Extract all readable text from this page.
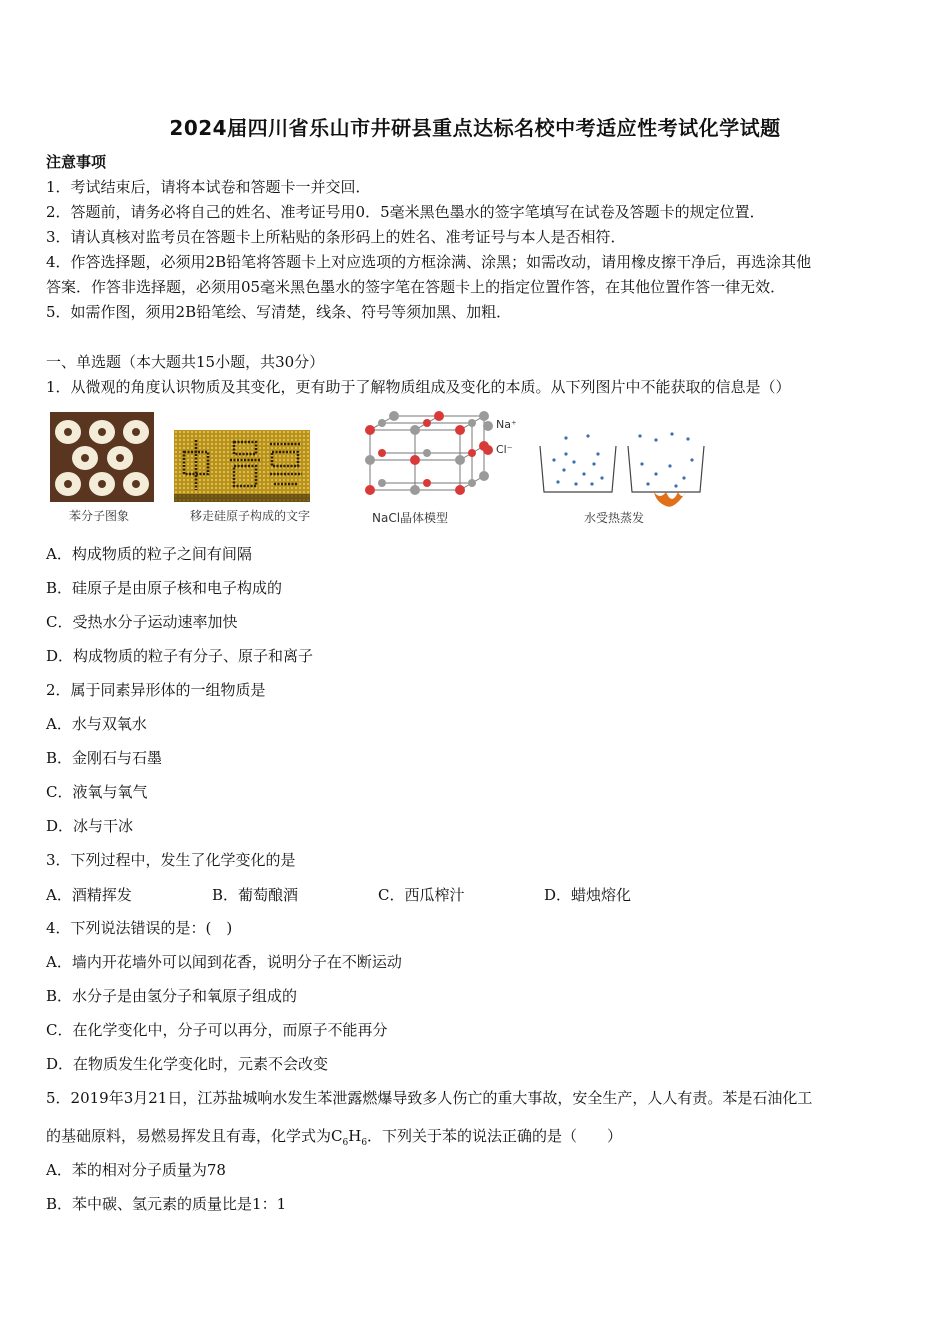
2024届四川省乐山市井研县重点达标名校中考适应性考试化学试题
注意事项
1．考试结束后，请将本试卷和答题卡一并交回．
2．答题前，请务必将自己的姓名、准考证号用0．5毫米黑色墨水的签字笔填写在试卷及答题卡的规定位置．
3．请认真核对监考员在答题卡上所粘贴的条形码上的姓名、准考证号与本人是否相符．
4．作答选择题，必须用2B铅笔将答题卡上对应选项的方框涂满、涂黑；如需改动，请用橡皮擦干净后，再选涂其他
答案．作答非选择题，必须用05毫米黑色墨水的签字笔在答题卡上的指定位置作答，在其他位置作答一律无效．
5．如需作图，须用2B铅笔绘、写清楚，线条、符号等须加黑、加粗．
一、单选题（本大题共15小题，共30分）
1．从微观的角度认识物质及其变化，更有助于了解物质组成及变化的本质。从下列图片中不能获取的信息是（）
苯分子图象	移走硅原子构成的文字
Na⁺
Cl⁻
NaCl晶体模型	水受热蒸发
A．构成物质的粒子之间有间隔
B．硅原子是由原子核和电子构成的
C．受热水分子运动速率加快
D．构成物质的粒子有分子、原子和离子
2．属于同素异形体的一组物质是
A．水与双氧水
B．金刚石与石墨
C．液氧与氧气
D．冰与干冰
3．下列过程中，发生了化学变化的是
A．酒精挥发	B．葡萄酿酒	C．西瓜榨汁	D．蜡烛熔化
4．下列说法错误的是：(　)
A．墙内开花墙外可以闻到花香，说明分子在不断运动
B．水分子是由氢分子和氧原子组成的
C．在化学变化中，分子可以再分，而原子不能再分
D．在物质发生化学变化时，元素不会改变
5．2019年3月21日，江苏盐城响水发生苯泄露燃爆导致多人伤亡的重大事故，安全生产，人人有责。苯是石油化工
的基础原料，易燃易挥发且有毒，化学式为$C_6H_6$．下列关于苯的说法正确的是（　　）
A．苯的相对分子质量为78
B．苯中碳、氢元素的质量比是1：1
